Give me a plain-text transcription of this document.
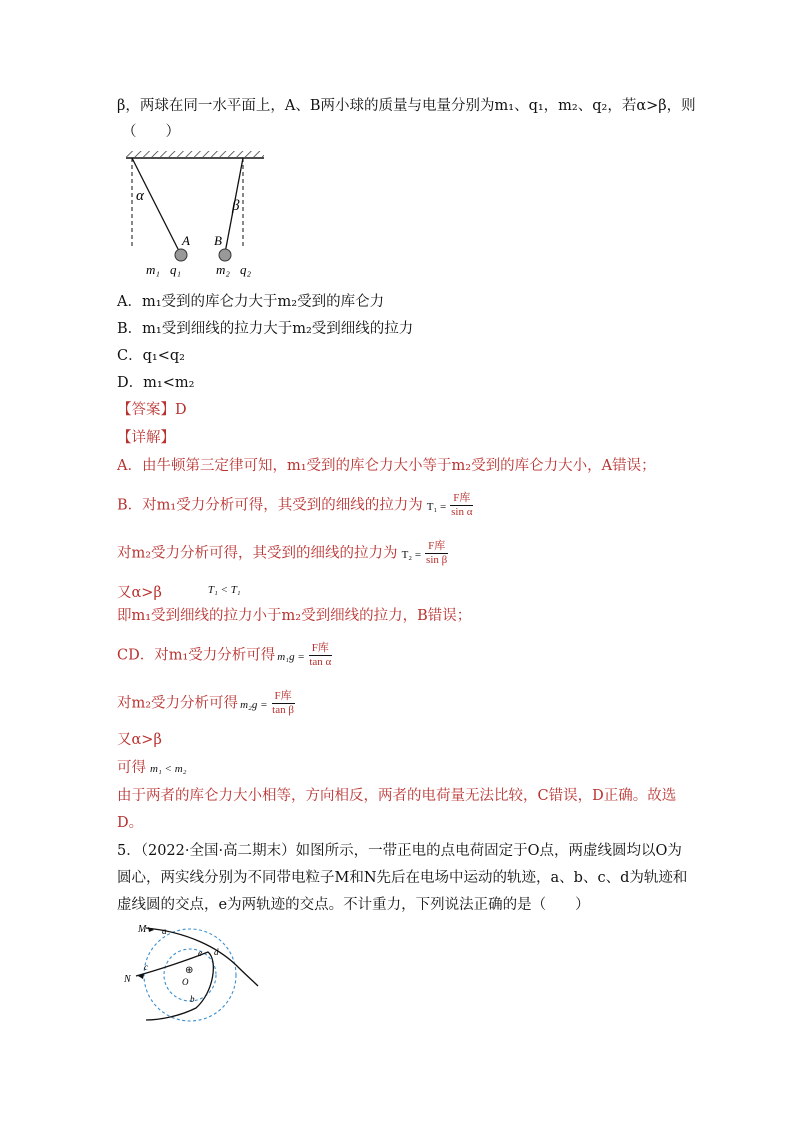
β，两球在同一水平面上，A、B两小球的质量与电量分别为m₁、q₁，m₂、q₂，若α>β，则
（　　）
α
β
A B
m₁ q₁	m₂ q₂
A．m₁受到的库仑力大于m₂受到的库仑力
B．m₁受到细线的拉力大于m₂受到细线的拉力
C．q₁<q₂
D．m₁<m₂
【答案】D
【详解】
A．由牛顿第三定律可知，m₁受到的库仑力大小等于m₂受到的库仑力大小，A错误；
B．对m₁受力分析可得，其受到的细线的拉力为 $T_1 = \frac{\text{F库}}{\text{sin α}}$
对m₂受力分析可得，其受到的细线的拉力为 $T_2 = \frac{\text{F库}}{\text{sin β}}$
又α>β	$^{T_1 < T_1}$
即m₁受到细线的拉力小于m₂受到细线的拉力，B错误；
CD．对m₁受力分析可得 $m_1g = \frac{\text{F库}}{\text{tan α}}$
对m₂受力分析可得 $m_2g = \frac{\text{F库}}{\text{tan β}}$
又α>β
可得 m₁ < m₂
由于两者的库仑力大小相等，方向相反，两者的电荷量无法比较，C错误，D正确。故选
D。
5．（2022·全国·高二期末）如图所示，一带正电的点电荷固定于O点，两虚线圆均以O为
圆心，两实线分别为不同带电粒子M和N先后在电场中运动的轨迹，a、b、c、d为轨迹和
虚线圆的交点，e为两轨迹的交点。不计重力，下列说法正确的是（　　）
M
N
a
c
e d
b
⊕
O
